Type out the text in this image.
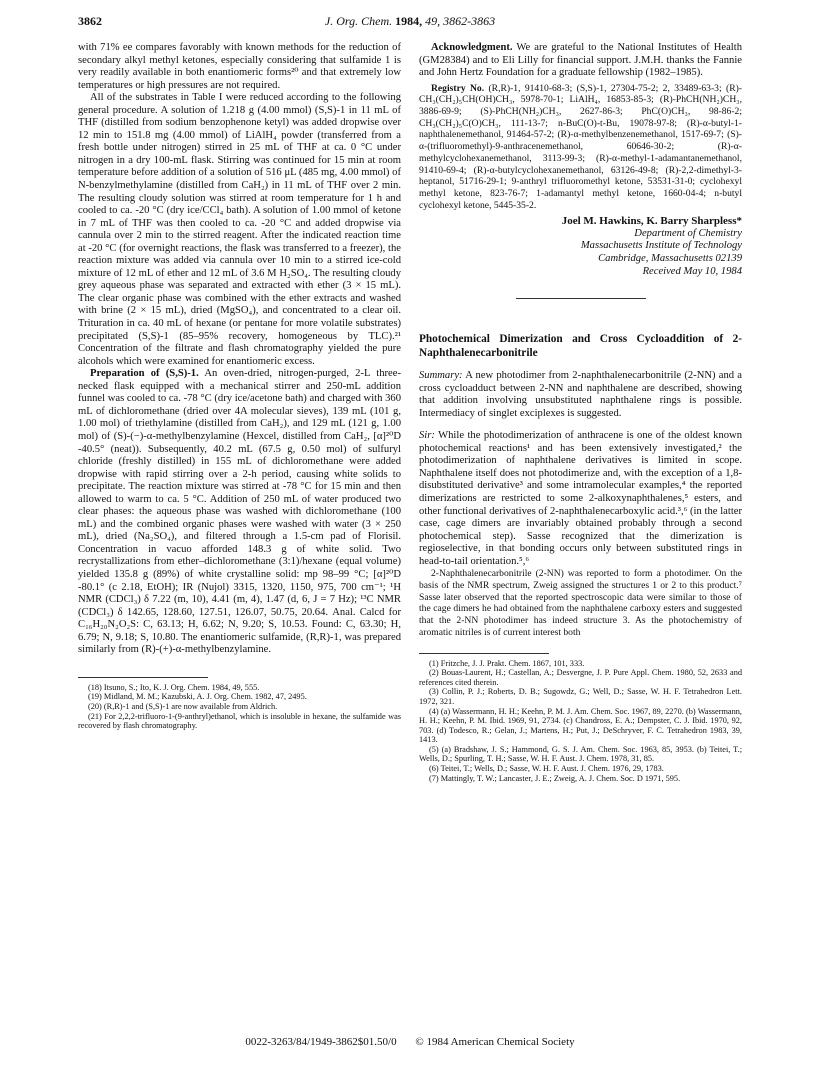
3862	J. Org. Chem. 1984, 49, 3862-3863

with 71% ee compares favorably with known methods for the reduction of secondary alkyl methyl ketones, especially considering that sulfamide 1 is very readily available in both enantiomeric forms²⁰ and that extremely low temperatures or high pressures are not required.

All of the substrates in Table I were reduced according to the following general procedure. A solution of 1.218 g (4.00 mmol) (S,S)-1 in 11 mL of THF (distilled from sodium benzophenone ketyl) was added dropwise over 12 min to 151.8 mg (4.00 mmol) of LiAlH₄ powder (transferred from a fresh bottle under nitrogen) stirred in 25 mL of THF at ca. 0 °C under nitrogen in a dry 100-mL flask. Stirring was continued for 15 min at room temperature before addition of a solution of 516 μL (485 mg, 4.00 mmol) of N-benzylmethylamine (distilled from CaH₂) in 11 mL of THF over 2 min. The resulting cloudy solution was stirred at room temperature for 1 h and cooled to ca. -20 °C (dry ice/CCl₄ bath). A solution of 1.00 mmol of ketone in 7 mL of THF was then cooled to ca. -20 °C and added dropwise via cannula over 2 min to the stirred reagent. After the indicated reaction time at -20 °C (for overnight reactions, the flask was transferred to a freezer), the reaction mixture was added via cannula over 10 min to a stirred ice-cold mixture of 12 mL of ether and 12 mL of 3.6 M H₂SO₄. The resulting cloudy grey aqueous phase was separated and extracted with ether (3 × 15 mL). The clear organic phase was combined with the ether extracts and washed with brine (2 × 15 mL), dried (MgSO₄), and concentrated to a clear oil. Trituration in ca. 40 mL of hexane (or pentane for more volatile substrates) precipitated (S,S)-1 (85–95% recovery, homogeneous by TLC).²¹ Concentration of the filtrate and flash chromatography yielded the pure alcohols which were examined for enantiomeric excess.

Preparation of (S,S)-1. An oven-dried, nitrogen-purged, 2-L three-necked flask equipped with a mechanical stirrer and 250-mL addition funnel was cooled to ca. -78 °C (dry ice/acetone bath) and charged with 360 mL of dichloromethane (dried over 4A molecular sieves), 139 mL (101 g, 1.00 mol) of triethylamine (distilled from CaH₂), and 129 mL (121 g, 1.00 mol) of (S)-(−)-α-methylbenzylamine (Hexcel, distilled from CaH₂, [α]²⁰D -40.5° (neat)). Subsequently, 40.2 mL (67.5 g, 0.50 mol) of sulfuryl chloride (freshly distilled) in 155 mL of dichloromethane were added dropwise with rapid stirring over a 2-h period, causing white solids to precipitate. The reaction mixture was stirred at -78 °C for 15 min and then allowed to warm to ca. 5 °C. Addition of 250 mL of water produced two clear phases: the aqueous phase was washed with dichloromethane (100 mL) and the combined organic phases were washed with water (3 × 250 mL), dried (Na₂SO₄), and filtered through a 1.5-cm pad of Florisil. Concentration in vacuo afforded 148.3 g of white solid. Two recrystallizations from ether–dichloromethane (3:1)/hexane (equal volume) yielded 135.8 g (89%) of white crystalline solid: mp 98–99 °C; [α]²⁰D -80.1° (c 2.18, EtOH); IR (Nujol) 3315, 1320, 1150, 975, 700 cm⁻¹; ¹H NMR (CDCl₃) δ 7.22 (m, 10), 4.41 (m, 4), 1.47 (d, 6, J = 7 Hz); ¹³C NMR (CDCl₃) δ 142.65, 128.60, 127.51, 126.07, 50.75, 20.64. Anal. Calcd for C₁₆H₂₀N₂O₂S: C, 63.13; H, 6.62; N, 9.20; S, 10.53. Found: C, 63.30; H, 6.79; N, 9.18; S, 10.80. The enantiomeric sulfamide, (R,R)-1, was prepared similarly from (R)-(+)-α-methylbenzylamine.

(18) Itsuno, S.; Ito, K. J. Org. Chem. 1984, 49, 555.

(19) Midland, M. M.; Kazubski, A. J. Org. Chem. 1982, 47, 2495.

(20) (R,R)-1 and (S,S)-1 are now available from Aldrich.

(21) For 2,2,2-trifluoro-1-(9-anthryl)ethanol, which is insoluble in hexane, the sulfamide was recovered by flash chromatography.

Acknowledgment. We are grateful to the National Institutes of Health (GM28384) and to Eli Lilly for financial support. J.M.H. thanks the Fannie and John Hertz Foundation for a graduate fellowship (1982–1985).

Registry No. (R,R)-1, 91410-68-3; (S,S)-1, 27304-75-2; 2, 33489-63-3; (R)-CH₃(CH₂)₅CH(OH)CH₃, 5978-70-1; LiAlH₄, 16853-85-3; (R)-PhCH(NH₂)CH₃, 3886-69-9; (S)-PhCH(NH₂)CH₃, 2627-86-3; PhC(O)CH₃, 98-86-2; CH₃(CH₂)₅C(O)CH₃, 111-13-7; n-BuC(O)-t-Bu, 19078-97-8; (R)-α-butyl-1-naphthalenemethanol, 91464-57-2; (R)-α-methylbenzenemethanol, 1517-69-7; (S)-α-(trifluoromethyl)-9-anthracenemethanol, 60646-30-2; (R)-α-methylcyclohexanemethanol, 3113-99-3; (R)-α-methyl-1-adamantanemethanol, 91410-69-4; (R)-α-butylcyclohexanemethanol, 63126-49-8; (R)-2,2-dimethyl-3-heptanol, 51716-29-1; 9-anthryl trifluoromethyl ketone, 53531-31-0; cyclohexyl methyl ketone, 823-76-7; 1-adamantyl methyl ketone, 1660-04-4; n-butyl cyclohexyl ketone, 5445-35-2.

Joel M. Hawkins, K. Barry Sharpless*
Department of Chemistry
Massachusetts Institute of Technology
Cambridge, Massachusetts 02139
Received May 10, 1984
Photochemical Dimerization and Cross Cycloaddition of 2-Naphthalenecarbonitrile

Summary: A new photodimer from 2-naphthalenecarbonitrile (2-NN) and a cross cycloadduct between 2-NN and naphthalene are described, showing that addition involving unsubstituted naphthalene rings is possible. Intermediacy of singlet exciplexes is suggested.

Sir: While the photodimerization of anthracene is one of the oldest known photochemical reactions¹ and has been extensively investigated,² the photodimerization of naphthalene derivatives is limited in scope. Naphthalene itself does not photodimerize and, with the exception of a 1,8-disubstituted derivative³ and some intramolecular examples,⁴ the reported dimerizations are restricted to some 2-alkoxynaphthalenes,⁵ esters, and other functional derivatives of 2-naphthalenecarboxylic acid.³,⁶ (in the latter case, cage dimers are invariably obtained probably through a second photochemical step). Sasse recognized that the dimerization is regioselective, in that bonding occurs only between substituted rings in head-to-tail orientation.⁵,⁶

2-Naphthalenecarbonitrile (2-NN) was reported to form a photodimer. On the basis of the NMR spectrum, Zweig assigned the structures 1 or 2 to this product.⁷ Sasse later observed that the reported spectroscopic data were similar to those of the cage dimers he had obtained from the naphthalene carboxy esters and suggested that the 2-NN photodimer has indeed structure 3. As the photochemistry of aromatic nitriles is of current interest both

(1) Fritzche, J. J. Prakt. Chem. 1867, 101, 333.

(2) Bouas-Laurent, H.; Castellan, A.; Desvergne, J. P. Pure Appl. Chem. 1980, 52, 2633 and references cited therein.

(3) Collin, P. J.; Roberts, D. B.; Sugowdz, G.; Well, D.; Sasse, W. H. F. Tetrahedron Lett. 1972, 321.

(4) (a) Wassermann, H. H.; Keehn, P. M. J. Am. Chem. Soc. 1967, 89, 2270. (b) Wassermann, H. H.; Keehn, P. M. Ibid. 1969, 91, 2734. (c) Chandross, E. A.; Dempster, C. J. Ibid. 1970, 92, 703. (d) Todesco, R.; Gelan, J.; Martens, H.; Put, J.; DeSchryver, F. C. Tetrahedron 1983, 39, 1413.

(5) (a) Bradshaw, J. S.; Hammond, G. S. J. Am. Chem. Soc. 1963, 85, 3953. (b) Teitei, T.; Wells, D.; Spurling, T. H.; Sasse, W. H. F. Aust. J. Chem. 1978, 31, 85.

(6) Teitei, T.; Wells, D.; Sasse, W. H. F. Aust. J. Chem. 1976, 29, 1783.

(7) Mattingly, T. W.; Lancaster, J. E.; Zweig, A. J. Chem. Soc. D 1971, 595.

0022-3263/84/1949-3862$01.50/0 © 1984 American Chemical Society
